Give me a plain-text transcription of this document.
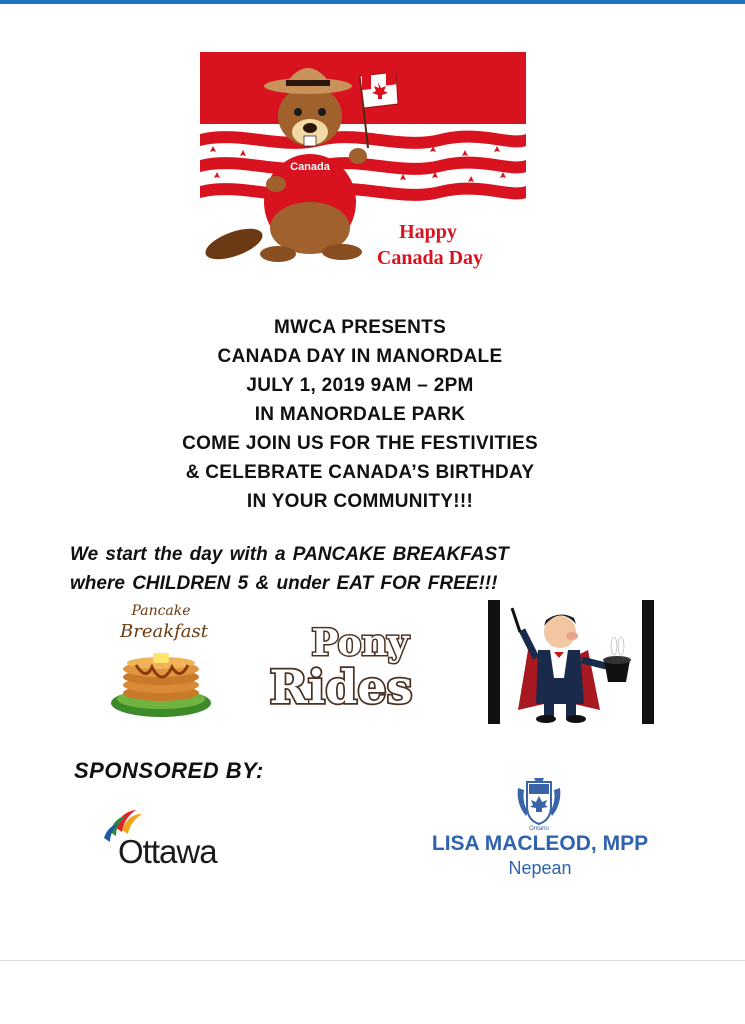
Canada
Happy
Canada Day
MWCA PRESENTS
CANADA DAY IN MANORDALE
JULY 1, 2019 9AM – 2PM
IN MANORDALE PARK
COME JOIN US FOR THE FESTIVITIES
& CELEBRATE CANADA’S BIRTHDAY
IN YOUR COMMUNITY!!!
We start the day with a PANCAKE BREAKFAST
where CHILDREN 5 & under EAT FOR FREE!!!
Pancake
Breakfast	Pony
Rides
SPONSORED BY:
Ottawa
Ontario
LISA MACLEOD, MPP
Nepean
